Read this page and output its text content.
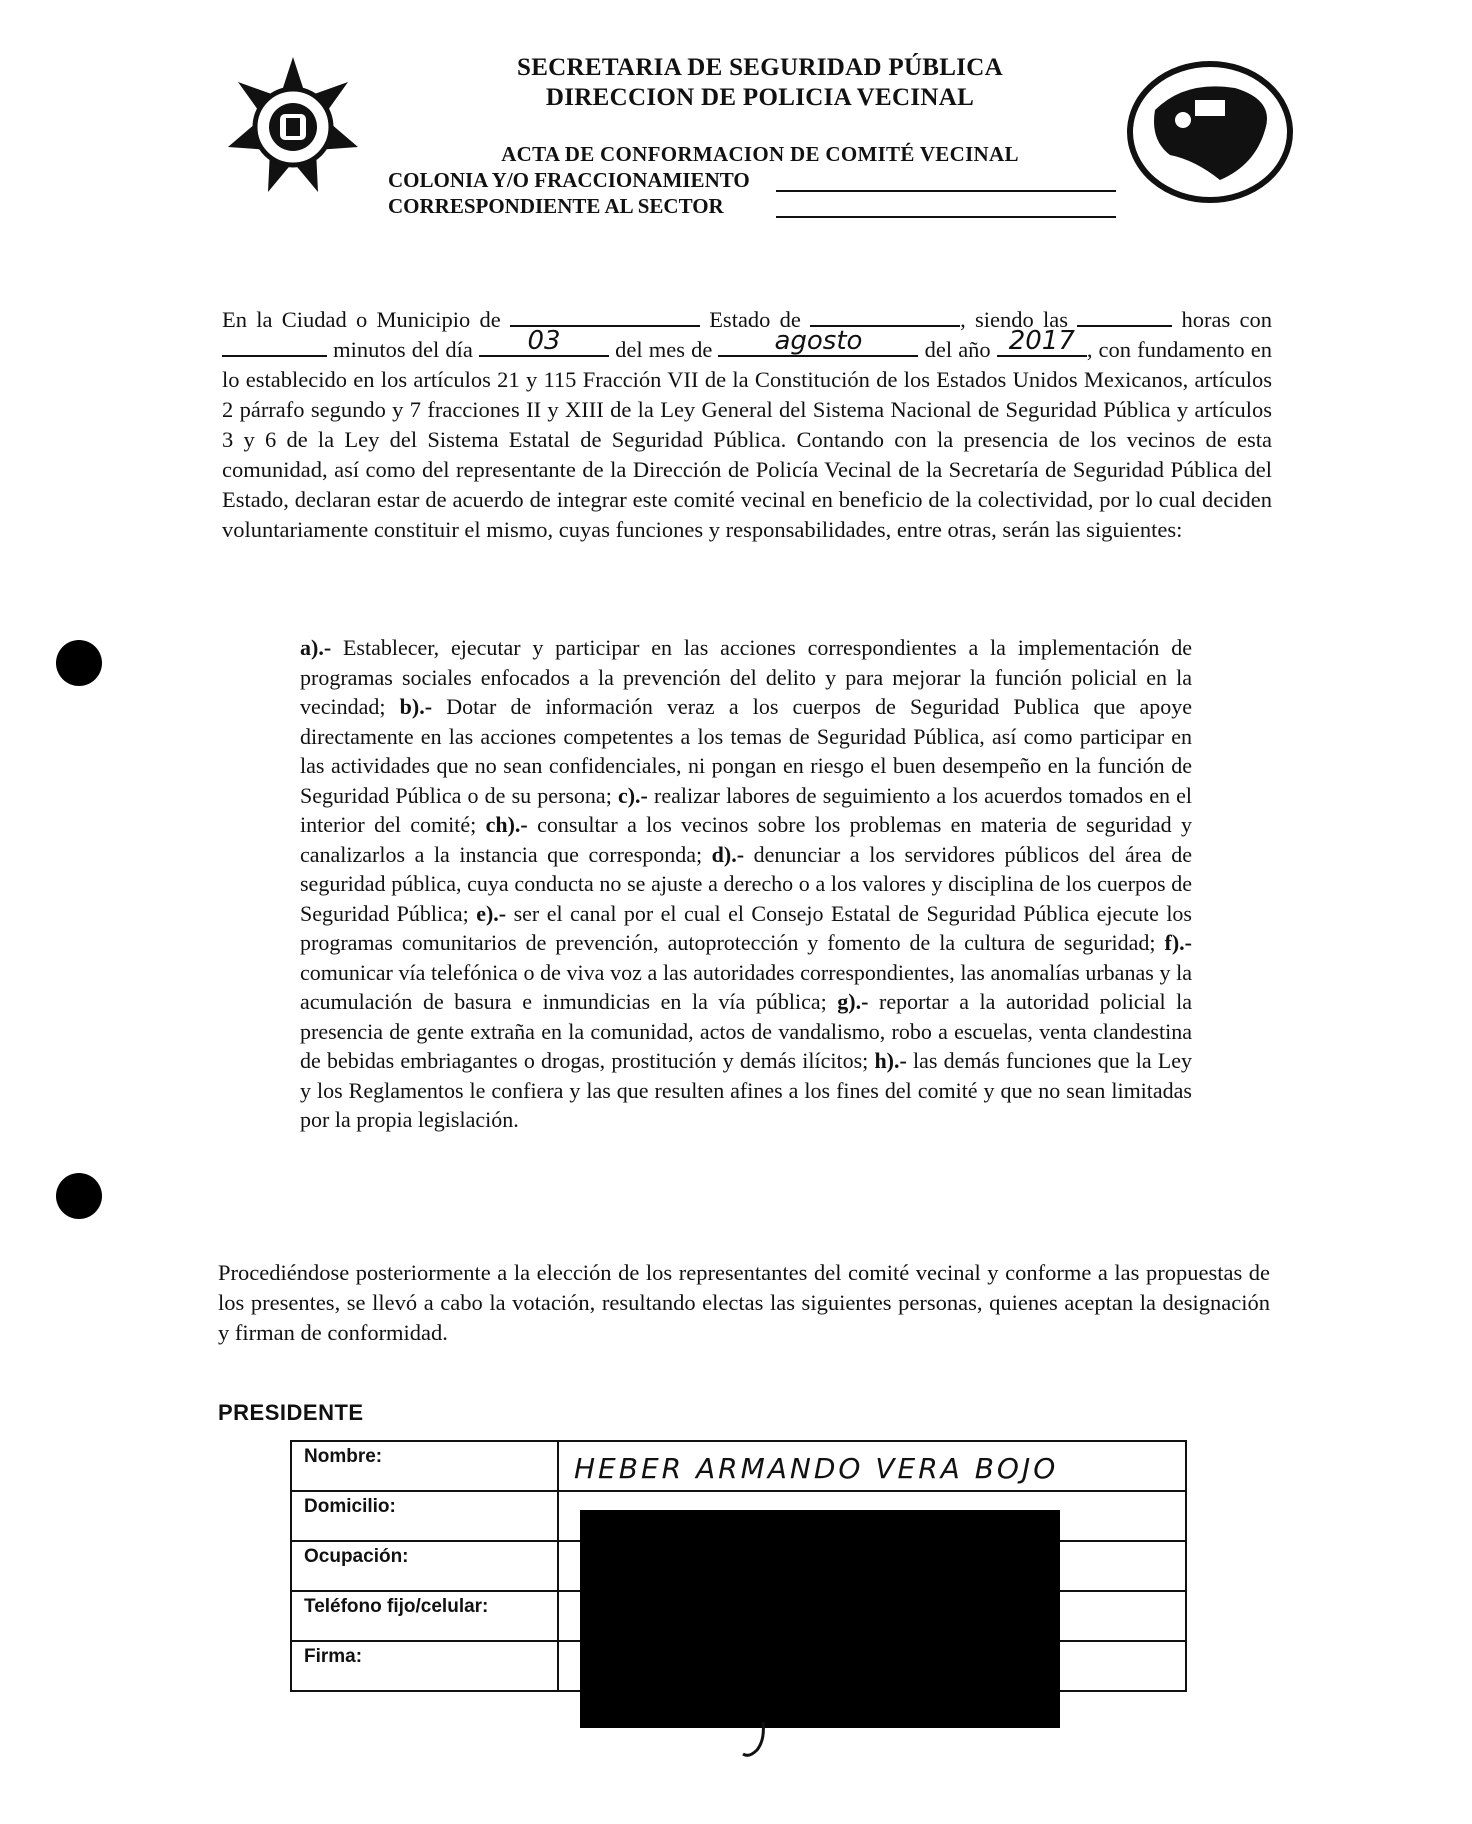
SECRETARIA DE SEGURIDAD PÚBLICA
DIRECCION DE POLICIA VECINAL
ACTA DE CONFORMACION DE COMITÉ VECINAL
COLONIA Y/O FRACCIONAMIENTO
CORRESPONDIENTE AL SECTOR
En la Ciudad o Municipio de	Estado de	, siendo las	horas con  minutos del día	03	del mes de	agosto	del año 2017 , con fundamento en lo establecido en los artículos 21 y 115 Fracción VII de la Constitución de los Estados Unidos Mexicanos, artículos 2 párrafo segundo y 7 fracciones II y XIII de la Ley General del Sistema Nacional de Seguridad Pública y artículos 3 y 6 de la Ley del Sistema Estatal de Seguridad Pública. Contando con la presencia de los vecinos de esta comunidad, así como del representante de la Dirección de Policía Vecinal de la Secretaría de Seguridad Pública del Estado, declaran estar de acuerdo de integrar este comité vecinal en beneficio de la colectividad, por lo cual deciden voluntariamente constituir el mismo, cuyas funciones y responsabilidades, entre otras, serán las siguientes:
a).- Establecer, ejecutar y participar en las acciones correspondientes a la implementación de programas sociales enfocados a la prevención del delito y para mejorar la función policial en la vecindad; b).- Dotar de información veraz a los cuerpos de Seguridad Publica que apoye directamente en las acciones competentes a los temas de Seguridad Pública, así como participar en las actividades que no sean confidenciales, ni pongan en riesgo el buen desempeño en la función de Seguridad Pública o de su persona; c).- realizar labores de seguimiento a los acuerdos tomados en el interior del comité; ch).- consultar a los vecinos sobre los problemas en materia de seguridad y canalizarlos a la instancia que corresponda; d).- denunciar a los servidores públicos del área de seguridad pública, cuya conducta no se ajuste a derecho o a los valores y disciplina de los cuerpos de Seguridad Pública; e).- ser el canal por el cual el Consejo Estatal de Seguridad Pública ejecute los programas comunitarios de prevención, autoprotección y fomento de la cultura de seguridad; f).- comunicar vía telefónica o de viva voz a las autoridades correspondientes, las anomalías urbanas y la acumulación de basura e inmundicias en la vía pública; g).- reportar a la autoridad policial la presencia de gente extraña en la comunidad, actos de vandalismo, robo a escuelas, venta clandestina de bebidas embriagantes o drogas, prostitución y demás ilícitos; h).- las demás funciones que la Ley y los Reglamentos le confiera y las que resulten afines a los fines del comité y que no sean limitadas por la propia legislación.
Procediéndose posteriormente a la elección de los representantes del comité vecinal y conforme a las propuestas de los presentes, se llevó a cabo la votación, resultando electas las siguientes personas, quienes aceptan la designación y firman de conformidad.
PRESIDENTE
Nombre:	HEBER ARMANDO VERA BOJO
Domicilio:
Ocupación:
Teléfono fijo/celular:
Firma:
